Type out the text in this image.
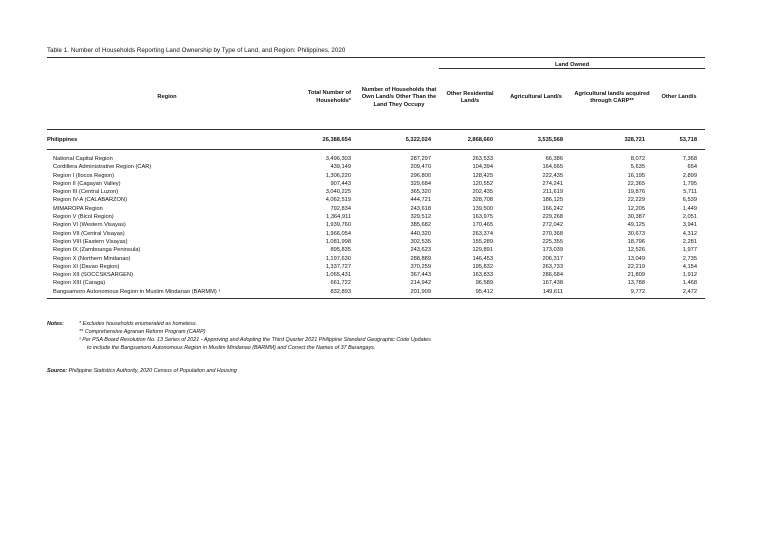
Table 1. Number of Households Reporting Land Ownership by Type of Land, and Region: Philippines, 2020

			Land Owned			
Region	Total Number of Households*	Number of Households that Own Land/s Other Than the Land They Occupy	Other Residential Land/s	Agricultural Land/s	Agricultural land/s acquired through CARP**	Other Land/s
Philippines	26,388,654	5,322,024	2,868,660	3,535,568	328,721	53,718
National Capital Region	3,496,303	287,297	263,533	66,386	8,072	7,368
Cordillera Administrative Region (CAR)	439,149	209,470	104,394	164,665	5,635	654
Region I (Ilocos Region)	1,306,220	296,800	128,425	222,435	16,195	2,899
Region II (Cagayan Valley)	907,443	329,684	120,552	274,241	22,365	1,795
Region III (Central Luzon)	3,040,225	365,320	202,435	211,619	19,876	5,711
Region IV-A (CALABARZON)	4,062,519	444,721	328,708	186,125	22,229	6,539
MIMAROPA Region	792,834	243,618	139,500	166,242	12,205	1,449
Region V (Bicol Region)	1,364,911	329,512	163,975	229,268	30,387	2,051
Region VI (Western Visayas)	1,939,760	385,682	170,465	272,042	49,125	3,941
Region VII (Central Visayas)	1,966,054	440,320	263,374	270,368	30,673	4,312
Region VIII (Eastern Visayas)	1,081,998	302,535	155,289	225,355	18,796	2,281
Region IX (Zamboanga Peninsula)	895,835	243,623	129,891	173,039	12,526	1,977
Region X (Northern Mindanao)	1,197,630	288,889	146,453	206,317	13,049	2,735
Region XI (Davao Region)	1,337,727	370,259	195,832	263,733	22,219	4,154
Region XII (SOCCSKSARGEN)	1,065,431	367,443	163,833	286,684	21,809	1,912
Region XIII (Caraga)	661,722	214,942	96,589	167,438	13,788	1,468
Bangsamoro Autonomous Region in Muslim Mindanao (BARMM) ¹	832,893	201,909	95,412	149,611	9,772	2,472
Notes:	* Excludes households enumerated as homeless.
** Comprehensive Agrarian Reform Program (CARP)
¹ Per PSA Board Resolution No. 13 Series of 2021 - Approving and Adopting the Third Quarter 2021 Philippine Standard Geographic Code Updates
to include the Bangsamoro Autonomous Region in Muslim Mindanao (BARMM) and Correct the Names of 37 Barangays.
Source: Philippine Statistics Authority, 2020 Census of Population and Housing
